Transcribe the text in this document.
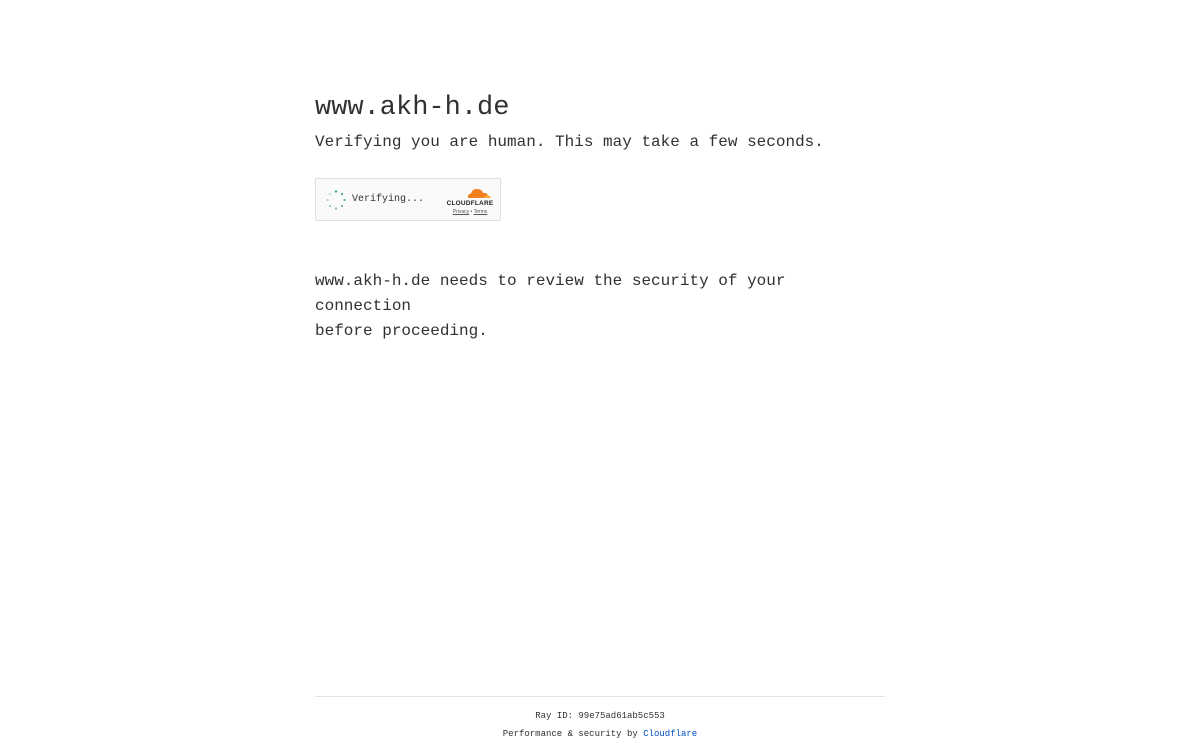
www.akh-h.de

Verifying you are human. This may take a few seconds.

Verifying...	CLOUDFLARE
Privacy • Terms

www.akh-h.de needs to review the security of your connection
before proceeding.

Ray ID: 99e75ad61ab5c553
Performance & security by Cloudflare
